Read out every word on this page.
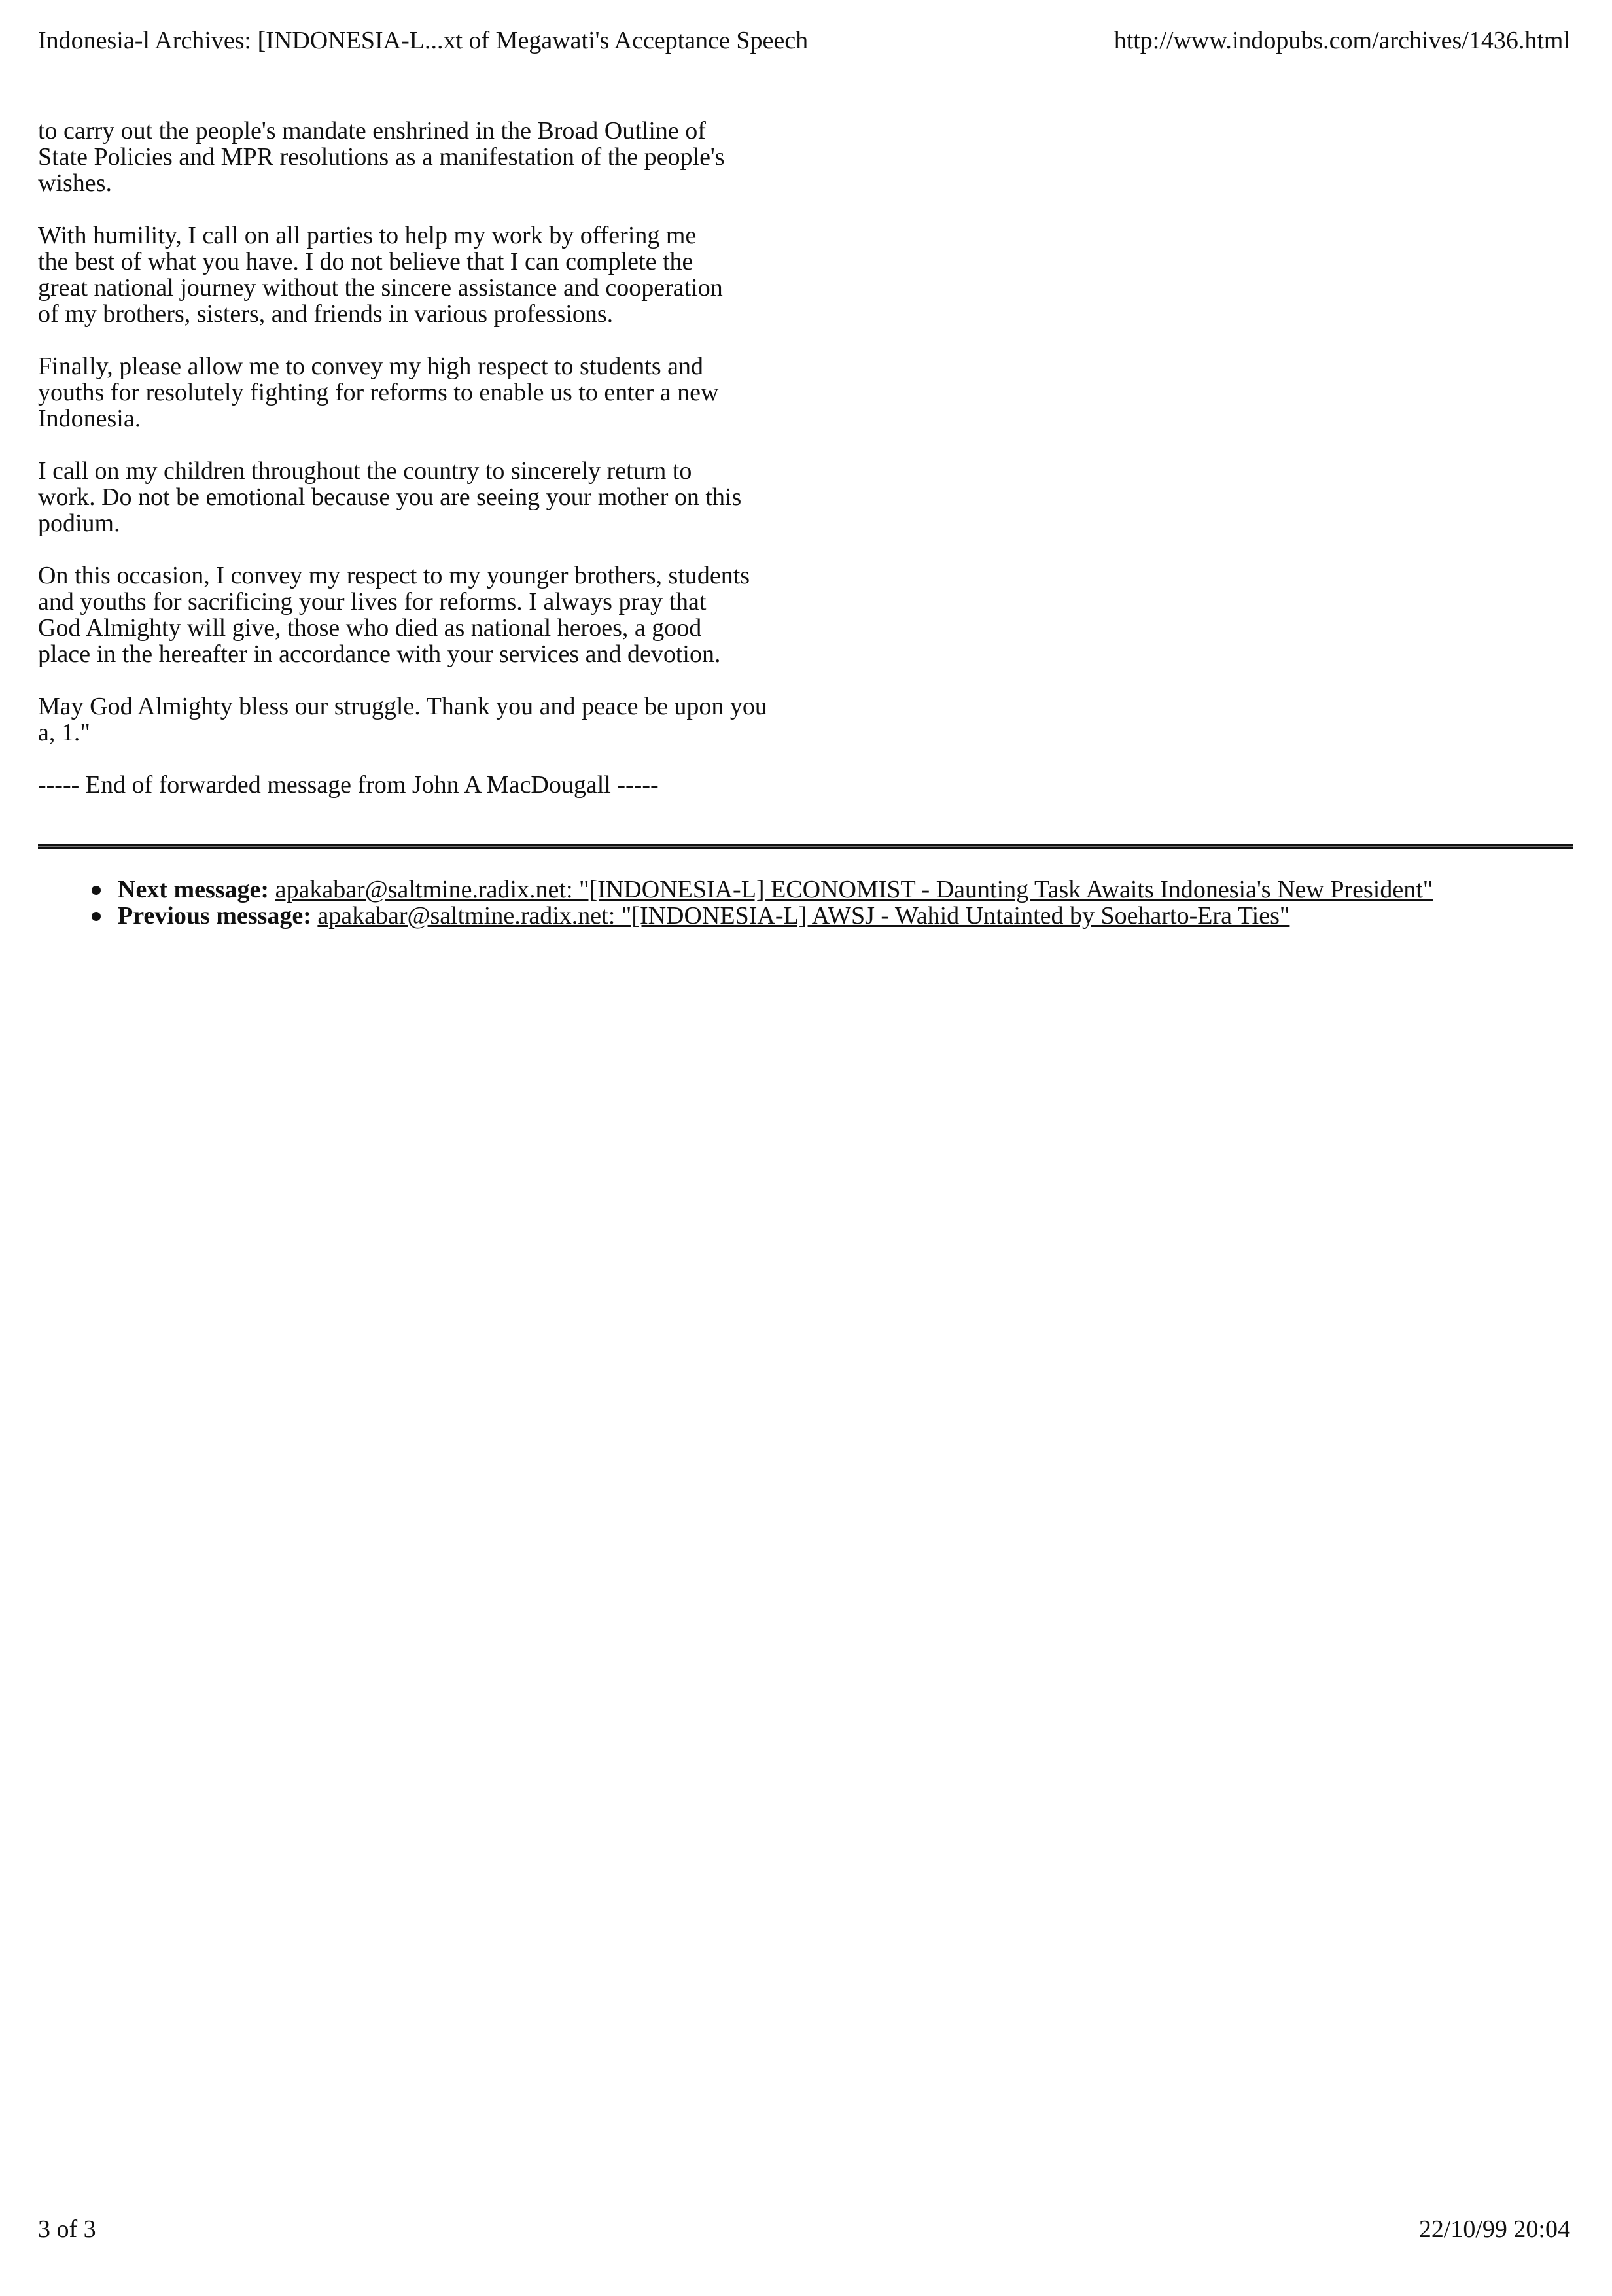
Indonesia-l Archives: [INDONESIA-L...xt of Megawati's Acceptance Speech	http://www.indopubs.com/archives/1436.html

to carry out the people's mandate enshrined in the Broad Outline of
State Policies and MPR resolutions as a manifestation of the people's
wishes.

With humility, I call on all parties to help my work by offering me
the best of what you have. I do not believe that I can complete the
great national journey without the sincere assistance and cooperation
of my brothers, sisters, and friends in various professions.

Finally, please allow me to convey my high respect to students and
youths for resolutely fighting for reforms to enable us to enter a new
Indonesia.

I call on my children throughout the country to sincerely return to
work. Do not be emotional because you are seeing your mother on this
podium.

On this occasion, I convey my respect to my younger brothers, students
and youths for sacrificing your lives for reforms. I always pray that
God Almighty will give, those who died as national heroes, a good
place in the hereafter in accordance with your services and devotion.

May God Almighty bless our struggle. Thank you and peace be upon you
a, 1."

----- End of forwarded message from John A MacDougall -----

Next message: apakabar@saltmine.radix.net: "[INDONESIA-L] ECONOMIST - Daunting Task Awaits Indonesia's New President"
Previous message: apakabar@saltmine.radix.net: "[INDONESIA-L] AWSJ - Wahid Untainted by Soeharto-Era Ties"
3 of 3	22/10/99 20:04
